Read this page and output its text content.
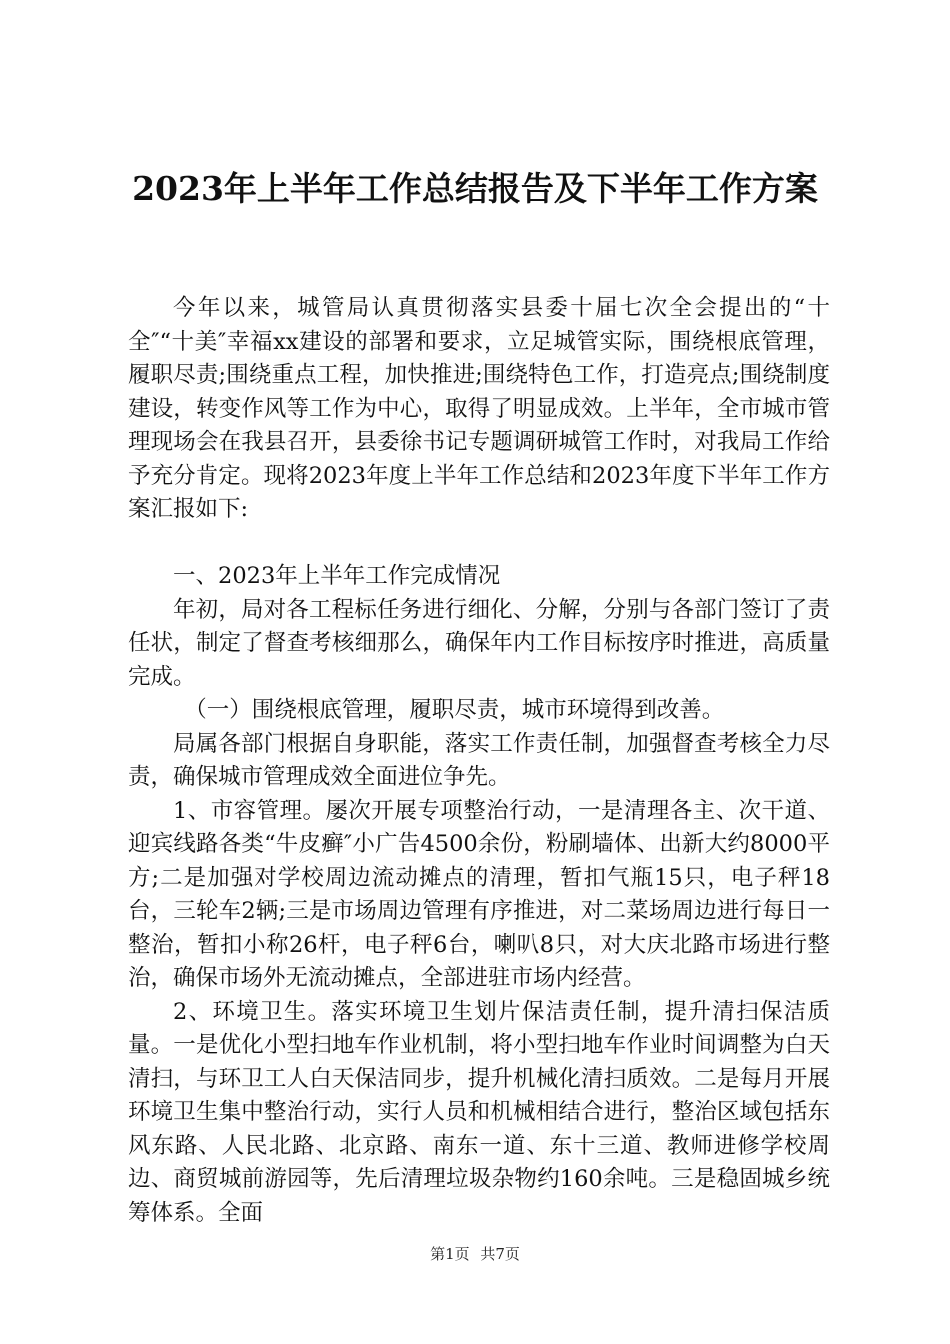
2023年上半年工作总结报告及下半年工作方案

今年以来，城管局认真贯彻落实县委十届七次全会提出的“十全″“十美″幸福xx建设的部署和要求，立足城管实际，围绕根底管理，履职尽责;围绕重点工程，加快推进;围绕特色工作，打造亮点;围绕制度建设，转变作风等工作为中心，取得了明显成效。上半年，全市城市管理现场会在我县召开，县委徐书记专题调研城管工作时，对我局工作给予充分肯定。现将2023年度上半年工作总结和2023年度下半年工作方案汇报如下:

一、2023年上半年工作完成情况

年初，局对各工程标任务进行细化、分解，分别与各部门签订了责任状，制定了督查考核细那么，确保年内工作目标按序时推进，高质量完成。

（一）围绕根底管理，履职尽责，城市环境得到改善。

局属各部门根据自身职能，落实工作责任制，加强督查考核全力尽责，确保城市管理成效全面进位争先。

1、市容管理。屡次开展专项整治行动，一是清理各主、次干道、迎宾线路各类“牛皮癣″小广告4500余份，粉刷墙体、出新大约8000平方;二是加强对学校周边流动摊点的清理，暂扣气瓶15只，电子秤18台，三轮车2辆;三是市场周边管理有序推进，对二菜场周边进行每日一整治，暂扣小称26杆，电子秤6台，喇叭8只，对大庆北路市场进行整治，确保市场外无流动摊点，全部进驻市场内经营。

2、环境卫生。落实环境卫生划片保洁责任制，提升清扫保洁质量。一是优化小型扫地车作业机制，将小型扫地车作业时间调整为白天清扫，与环卫工人白天保洁同步，提升机械化清扫质效。二是每月开展环境卫生集中整治行动，实行人员和机械相结合进行，整治区域包括东风东路、人民北路、北京路、南东一道、东十三道、教师进修学校周边、商贸城前游园等，先后清理垃圾杂物约160余吨。三是稳固城乡统筹体系。全面

第1页 共7页
